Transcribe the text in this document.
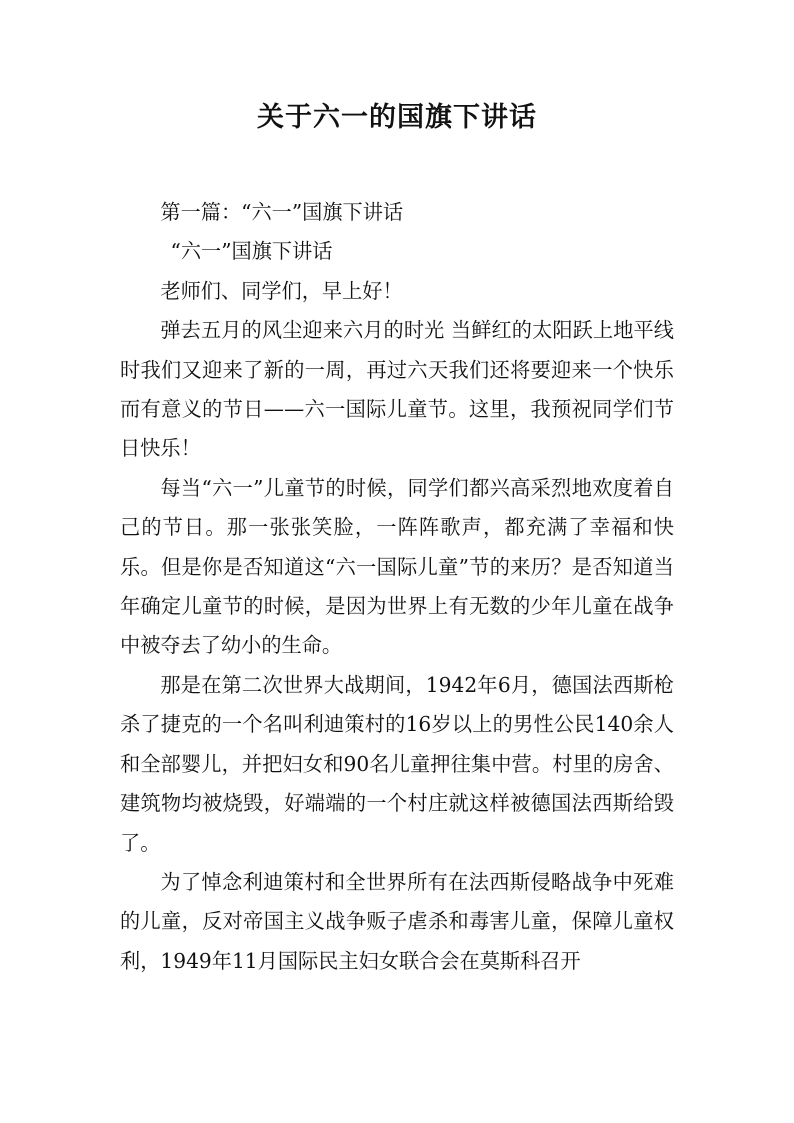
关于六一的国旗下讲话

第一篇：“六一”国旗下讲话

“六一”国旗下讲话

老师们、同学们，早上好！

弹去五月的风尘迎来六月的时光 当鲜红的太阳跃上地平线时我们又迎来了新的一周，再过六天我们还将要迎来一个快乐而有意义的节日——六一国际儿童节。这里，我预祝同学们节日快乐！

每当“六一”儿童节的时候，同学们都兴高采烈地欢度着自己的节日。那一张张笑脸，一阵阵歌声，都充满了幸福和快乐。但是你是否知道这“六一国际儿童”节的来历？是否知道当年确定儿童节的时候，是因为世界上有无数的少年儿童在战争中被夺去了幼小的生命。

那是在第二次世界大战期间，1942年6月，德国法西斯枪杀了捷克的一个名叫利迪策村的16岁以上的男性公民140余人和全部婴儿，并把妇女和90名儿童押往集中营。村里的房舍、建筑物均被烧毁，好端端的一个村庄就这样被德国法西斯给毁了。

为了悼念利迪策村和全世界所有在法西斯侵略战争中死难的儿童，反对帝国主义战争贩子虐杀和毒害儿童，保障儿童权利，1949年11月国际民主妇女联合会在莫斯科召开
